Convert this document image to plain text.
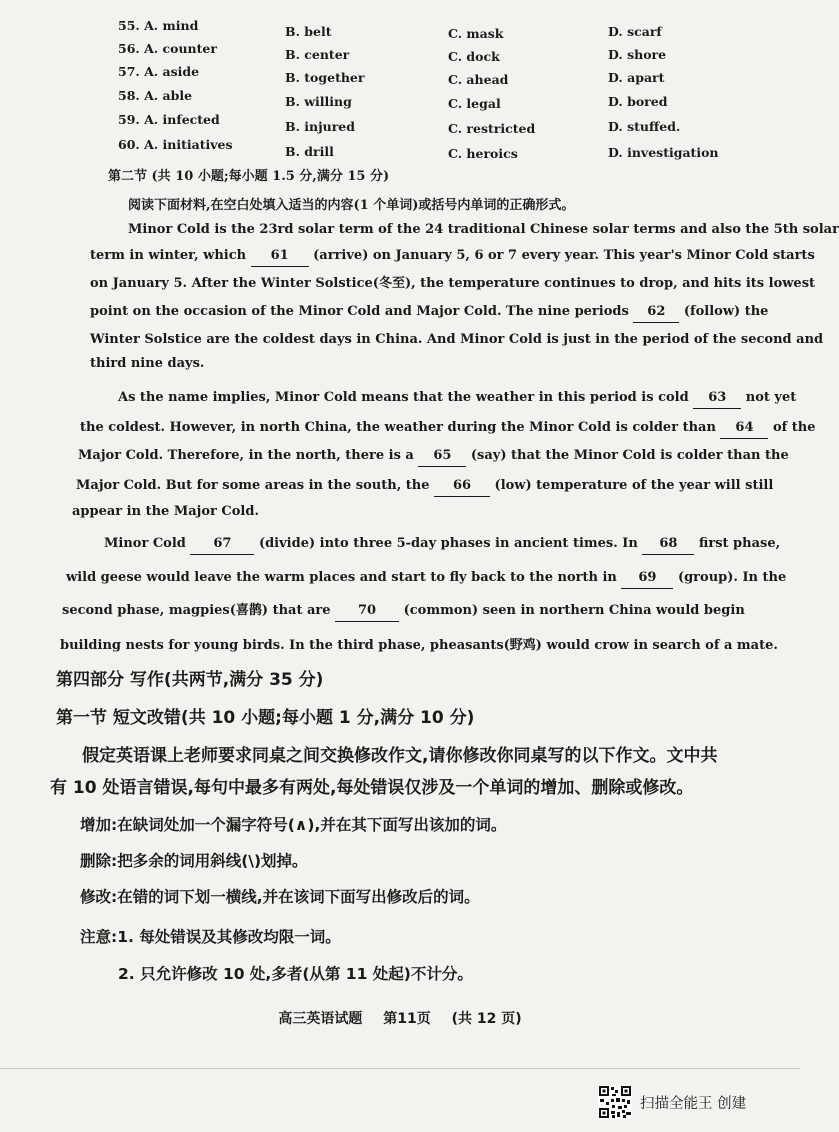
55. A. mind	B. belt	C. mask	D. scarf
56. A. counter	B. center	C. dock	D. shore
57. A. aside	B. together	C. ahead	D. apart
58. A. able	B. willing	C. legal	D. bored
59. A. infected	B. injured	C. restricted	D. stuffed.
60. A. initiatives	B. drill	C. heroics	D. investigation
第二节 (共 10 小题;每小题 1.5 分,满分 15 分)
阅读下面材料,在空白处填入适当的内容(1 个单词)或括号内单词的正确形式。
Minor Cold is the 23rd solar term of the 24 traditional Chinese solar terms and also the 5th solar
term in winter, which 61 (arrive) on January 5, 6 or 7 every year. This year's Minor Cold starts
on January 5. After the Winter Solstice(冬至), the temperature continues to drop, and hits its lowest
point on the occasion of the Minor Cold and Major Cold. The nine periods 62 (follow) the
Winter Solstice are the coldest days in China. And Minor Cold is just in the period of the second and
third nine days.
As the name implies, Minor Cold means that the weather in this period is cold 63 not yet
the coldest. However, in north China, the weather during the Minor Cold is colder than 64 of the
Major Cold. Therefore, in the north, there is a 65 (say) that the Minor Cold is colder than the
Major Cold. But for some areas in the south, the 66 (low) temperature of the year will still
appear in the Major Cold.
Minor Cold 67 (divide) into three 5-day phases in ancient times. In 68 first phase,
wild geese would leave the warm places and start to fly back to the north in 69 (group). In the
second phase, magpies(喜鹊) that are 70 (common) seen in northern China would begin
building nests for young birds. In the third phase, pheasants(野鸡) would crow in search of a mate.
第四部分 写作(共两节,满分 35 分)
第一节 短文改错(共 10 小题;每小题 1 分,满分 10 分)
假定英语课上老师要求同桌之间交换修改作文,请你修改你同桌写的以下作文。文中共
有 10 处语言错误,每句中最多有两处,每处错误仅涉及一个单词的增加、删除或修改。
增加:在缺词处加一个漏字符号(∧),并在其下面写出该加的词。
删除:把多余的词用斜线(\)划掉。
修改:在错的词下划一横线,并在该词下面写出修改后的词。
注意:1. 每处错误及其修改均限一词。
2. 只允许修改 10 处,多者(从第 11 处起)不计分。
高三英语试题 第11页 (共 12 页)
扫描全能王 创建
